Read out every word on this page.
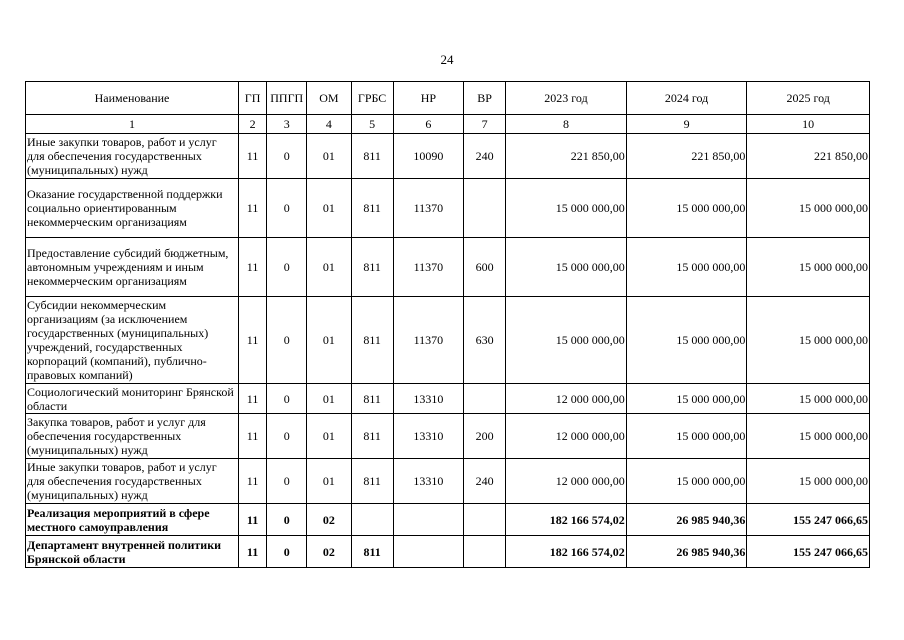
24
Наименование	ГП	ППГП	ОМ	ГРБС	НР	ВР	2023 год	2024 год	2025 год
1	2	3	4	5	6	7	8	9	10
Иные закупки товаров, работ и услуг для обеспечения государственных (муниципальных) нужд	11	0	01	811	10090	240	221 850,00	221 850,00	221 850,00
Оказание государственной поддержки социально ориентированным некоммерческим организациям	11	0	01	811	11370		15 000 000,00	15 000 000,00	15 000 000,00
Предоставление субсидий бюджетным, автономным учреждениям и иным некоммерческим организациям	11	0	01	811	11370	600	15 000 000,00	15 000 000,00	15 000 000,00
Субсидии некоммерческим организациям (за исключением государственных (муниципальных) учреждений, государственных корпораций (компаний), публично-правовых компаний)	11	0	01	811	11370	630	15 000 000,00	15 000 000,00	15 000 000,00
Социологический мониторинг Брянской области	11	0	01	811	13310		12 000 000,00	15 000 000,00	15 000 000,00
Закупка товаров, работ и услуг для обеспечения государственных (муниципальных) нужд	11	0	01	811	13310	200	12 000 000,00	15 000 000,00	15 000 000,00
Иные закупки товаров, работ и услуг для обеспечения государственных (муниципальных) нужд	11	0	01	811	13310	240	12 000 000,00	15 000 000,00	15 000 000,00
Реализация мероприятий в сфере местного самоуправления	11	0	02				182 166 574,02	26 985 940,36	155 247 066,65
Департамент внутренней политики Брянской области	11	0	02	811			182 166 574,02	26 985 940,36	155 247 066,65
